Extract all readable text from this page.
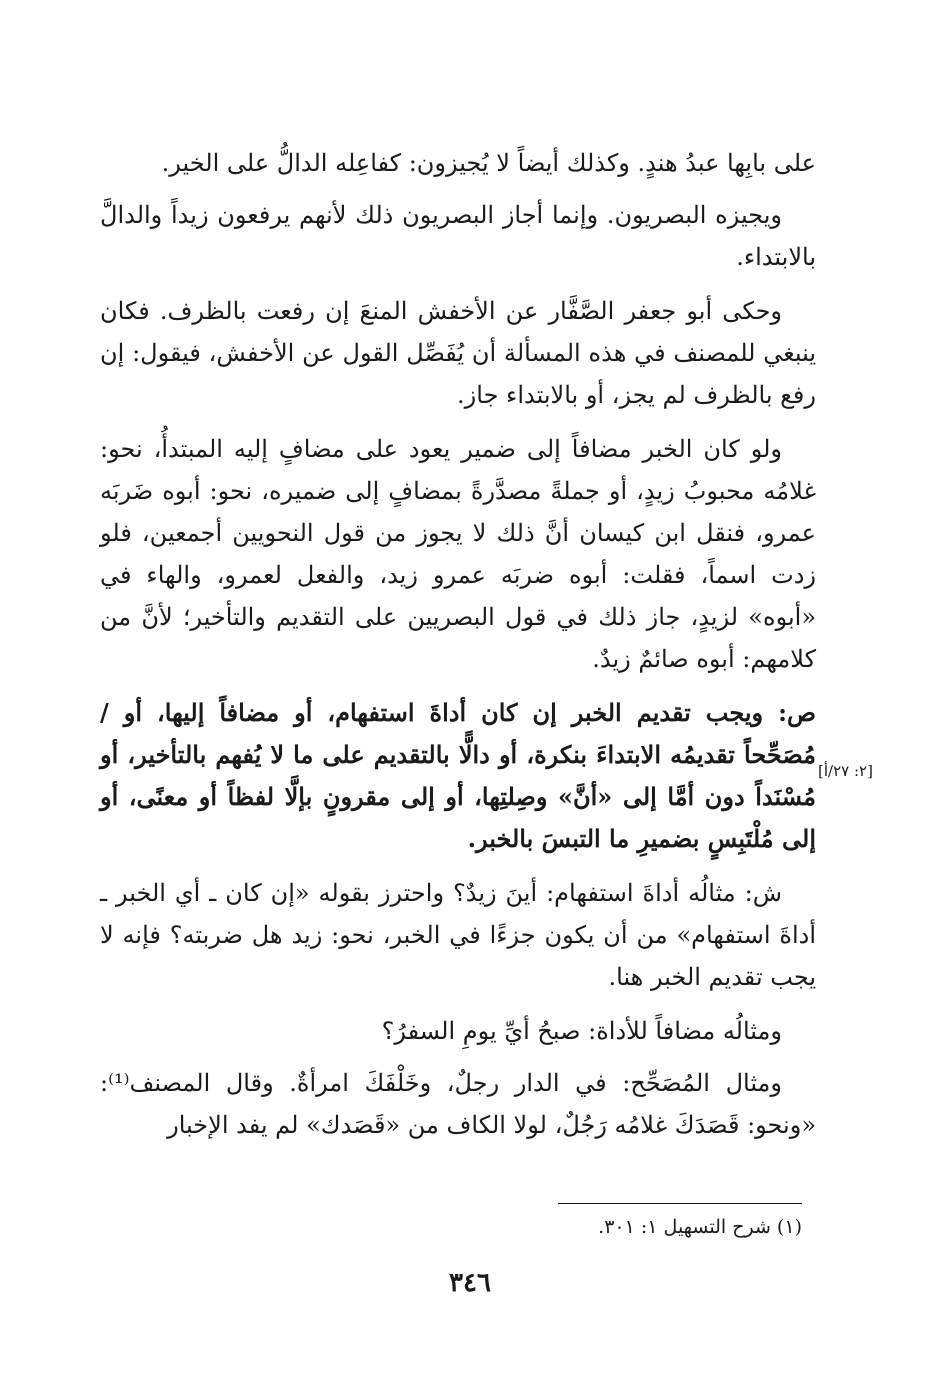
على بابِها عبدُ هندٍ. وكذلك أيضاً لا يُجيزون: كفاعِله الدالُّ على الخير.

ويجيزه البصريون. وإنما أجاز البصريون ذلك لأنهم يرفعون زيداً والدالَّ بالابتداء.

وحكى أبو جعفر الصَّفَّار عن الأخفش المنعَ إن رفعت بالظرف. فكان ينبغي للمصنف في هذه المسألة أن يُفَصِّل القول عن الأخفش، فيقول: إن رفع بالظرف لم يجز، أو بالابتداء جاز.

ولو كان الخبر مضافاً إلى ضمير يعود على مضافٍ إليه المبتدأُ، نحو: غلامُه محبوبُ زيدٍ، أو جملةً مصدَّرةً بمضافٍ إلى ضميره، نحو: أبوه ضَربَه عمرو، فنقل ابن كيسان أنَّ ذلك لا يجوز من قول النحويين أجمعين، فلو زدت اسماً، فقلت: أبوه ضربَه عمرو زيد، والفعل لعمرو، والهاء في «أبوه» لزيدٍ، جاز ذلك في قول البصريين على التقديم والتأخير؛ لأنَّ من كلامهم: أبوه صائمٌ زيدٌ.

ص: ويجب تقديم الخبر إن كان أداةَ استفهام، أو مضافاً إليها، أو / مُصَحِّحاً تقديمُه الابتداءَ بنكرة، أو دالًّا بالتقديم على ما لا يُفهم بالتأخير، أو مُسْنَداً دون أمَّا إلى «أنَّ» وصِلتِها، أو إلى مقرونٍ بإلَّا لفظاً أو معنًى، أو إلى مُلْتَبِسٍ بضميرِ ما التبسَ بالخبر.

ش: مثالُه أداةَ استفهام: أينَ زيدٌ؟ واحترز بقوله «إن كان ـ أي الخبر ـ أداةَ استفهام» من أن يكون جزءًا في الخبر، نحو: زيد هل ضربته؟ فإنه لا يجب تقديم الخبر هنا.

ومثالُه مضافاً للأداة: صبحُ أيِّ يومِ السفرُ؟

ومثال المُصَحِّح: في الدار رجلٌ، وخَلْفَكَ امرأةٌ. وقال المصنف⁽¹⁾: «ونحو: قَصَدَكَ غلامُه رَجُلٌ، لولا الكاف من «قَصَدك» لم يفد الإخبار

[٢: ٢٧/أ]
(١) شرح التسهيل ١: ٣٠١.
٣٤٦
